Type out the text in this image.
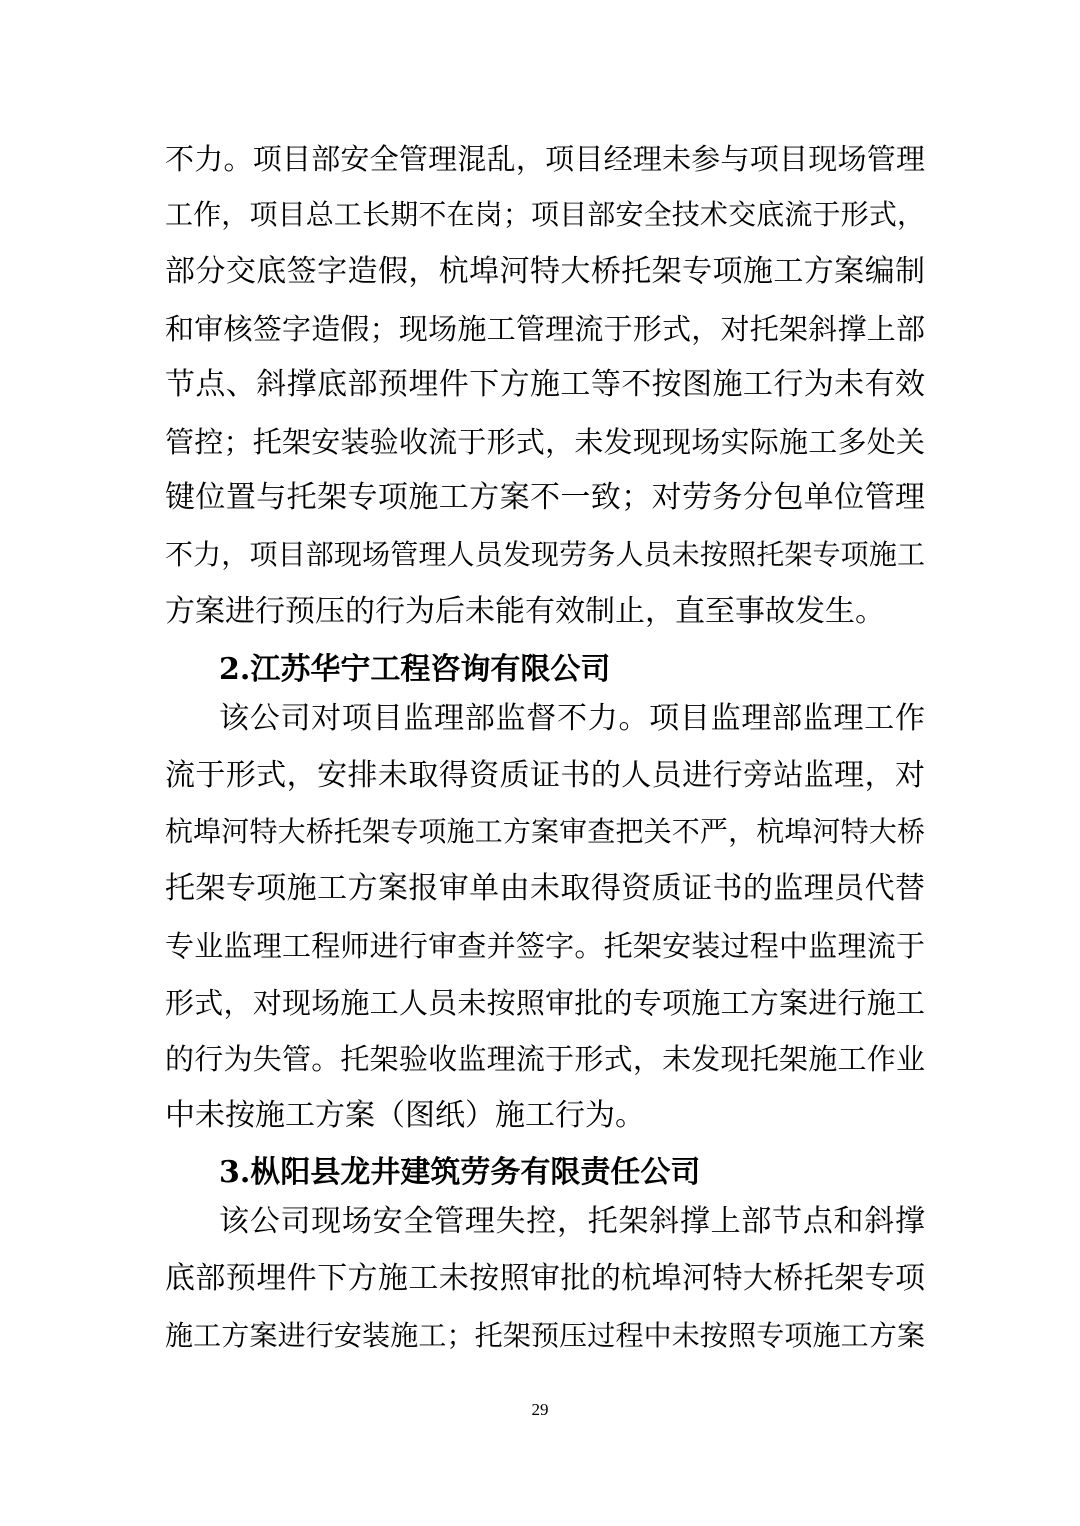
不力。项目部安全管理混乱，项目经理未参与项目现场管理
工作，项目总工长期不在岗；项目部安全技术交底流于形式，
部分交底签字造假，杭埠河特大桥托架专项施工方案编制
和审核签字造假；现场施工管理流于形式，对托架斜撑上部
节点、斜撑底部预埋件下方施工等不按图施工行为未有效
管控；托架安装验收流于形式，未发现现场实际施工多处关
键位置与托架专项施工方案不一致；对劳务分包单位管理
不力，项目部现场管理人员发现劳务人员未按照托架专项施工
方案进行预压的行为后未能有效制止，直至事故发生。
2.江苏华宁工程咨询有限公司
该公司对项目监理部监督不力。项目监理部监理工作
流于形式，安排未取得资质证书的人员进行旁站监理，对
杭埠河特大桥托架专项施工方案审查把关不严，杭埠河特大桥
托架专项施工方案报审单由未取得资质证书的监理员代替
专业监理工程师进行审查并签字。托架安装过程中监理流于
形式，对现场施工人员未按照审批的专项施工方案进行施工
的行为失管。托架验收监理流于形式，未发现托架施工作业
中未按施工方案（图纸）施工行为。
3.枞阳县龙井建筑劳务有限责任公司
该公司现场安全管理失控，托架斜撑上部节点和斜撑
底部预埋件下方施工未按照审批的杭埠河特大桥托架专项
施工方案进行安装施工；托架预压过程中未按照专项施工方案
29
